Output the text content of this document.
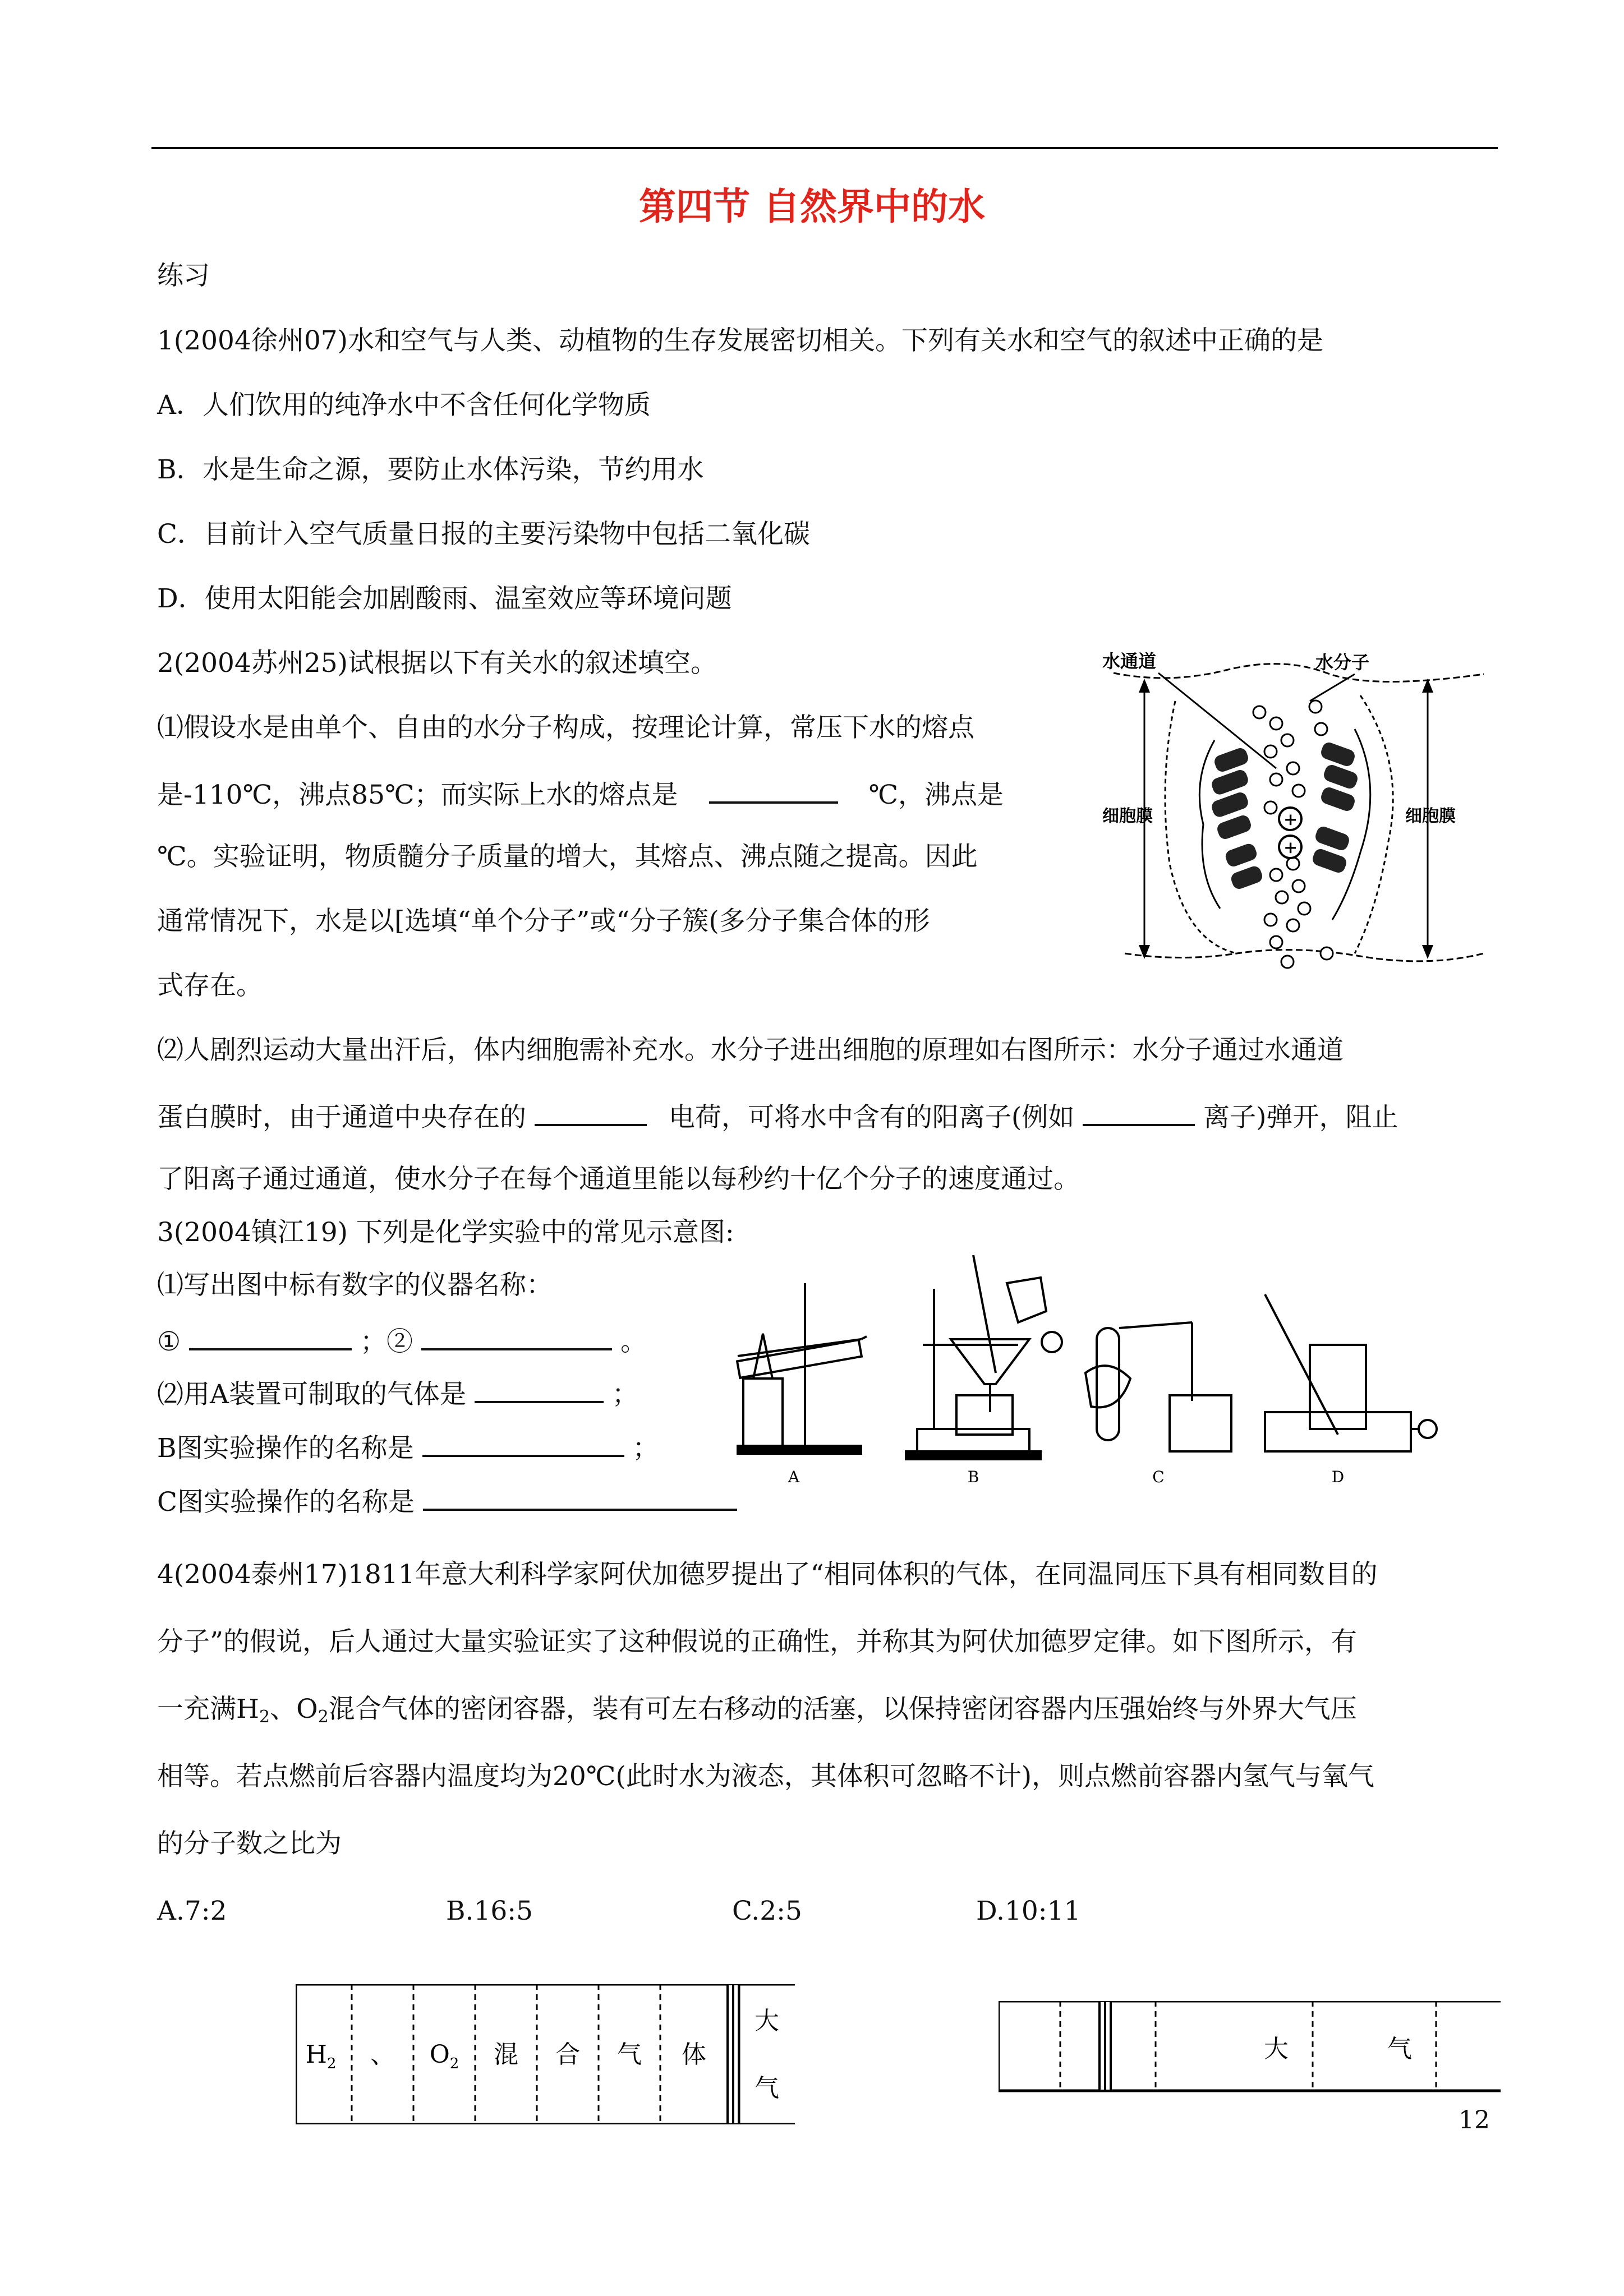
第四节 自然界中的水
练习
1(2004徐州07)水和空气与人类、动植物的生存发展密切相关。下列有关水和空气的叙述中正确的是
A．人们饮用的纯净水中不含任何化学物质
B．水是生命之源，要防止水体污染，节约用水
C．目前计入空气质量日报的主要污染物中包括二氧化碳
D．使用太阳能会加剧酸雨、温室效应等环境问题
2(2004苏州25)试根据以下有关水的叙述填空。
⑴假设水是由单个、自由的水分子构成，按理论计算，常压下水的熔点
是-110℃，沸点85℃；而实际上水的熔点是	℃，沸点是
℃。实验证明，物质髓分子质量的增大，其熔点、沸点随之提高。因此
通常情况下，水是以[选填“单个分子”或“分子簇(多分子集合体的形
式存在。
水通道	水分子
细胞膜	细胞膜
+
+
⑵人剧烈运动大量出汗后，体内细胞需补充水。水分子进出细胞的原理如右图所示：水分子通过水通道
蛋白膜时，由于通道中央存在的	电荷，可将水中含有的阳离子(例如	离子)弹开，阻止
了阳离子通过通道，使水分子在每个通道里能以每秒约十亿个分子的速度通过。
3(2004镇江19) 下列是化学实验中的常见示意图:
⑴写出图中标有数字的仪器名称：
①	；②	。
⑵用A装置可制取的气体是	；
B图实验操作的名称是	；
C图实验操作的名称是
A	B	C	D
4(2004泰州17)1811年意大利科学家阿伏加德罗提出了“相同体积的气体，在同温同压下具有相同数目的
分子”的假说，后人通过大量实验证实了这种假说的正确性，并称其为阿伏加德罗定律。如下图所示，有
一充满$H_2$、$O_2$混合气体的密闭容器，装有可左右移动的活塞，以保持密闭容器内压强始终与外界大气压
相等。若点燃前后容器内温度均为20℃(此时水为液态，其体积可忽略不计)，则点燃前容器内氢气与氧气
的分子数之比为
A.7:2	B.16:5	C.2:5	D.10:11
$H_2$ 、 $O_2$ 混 合 气 体
大
气
大	气
12
